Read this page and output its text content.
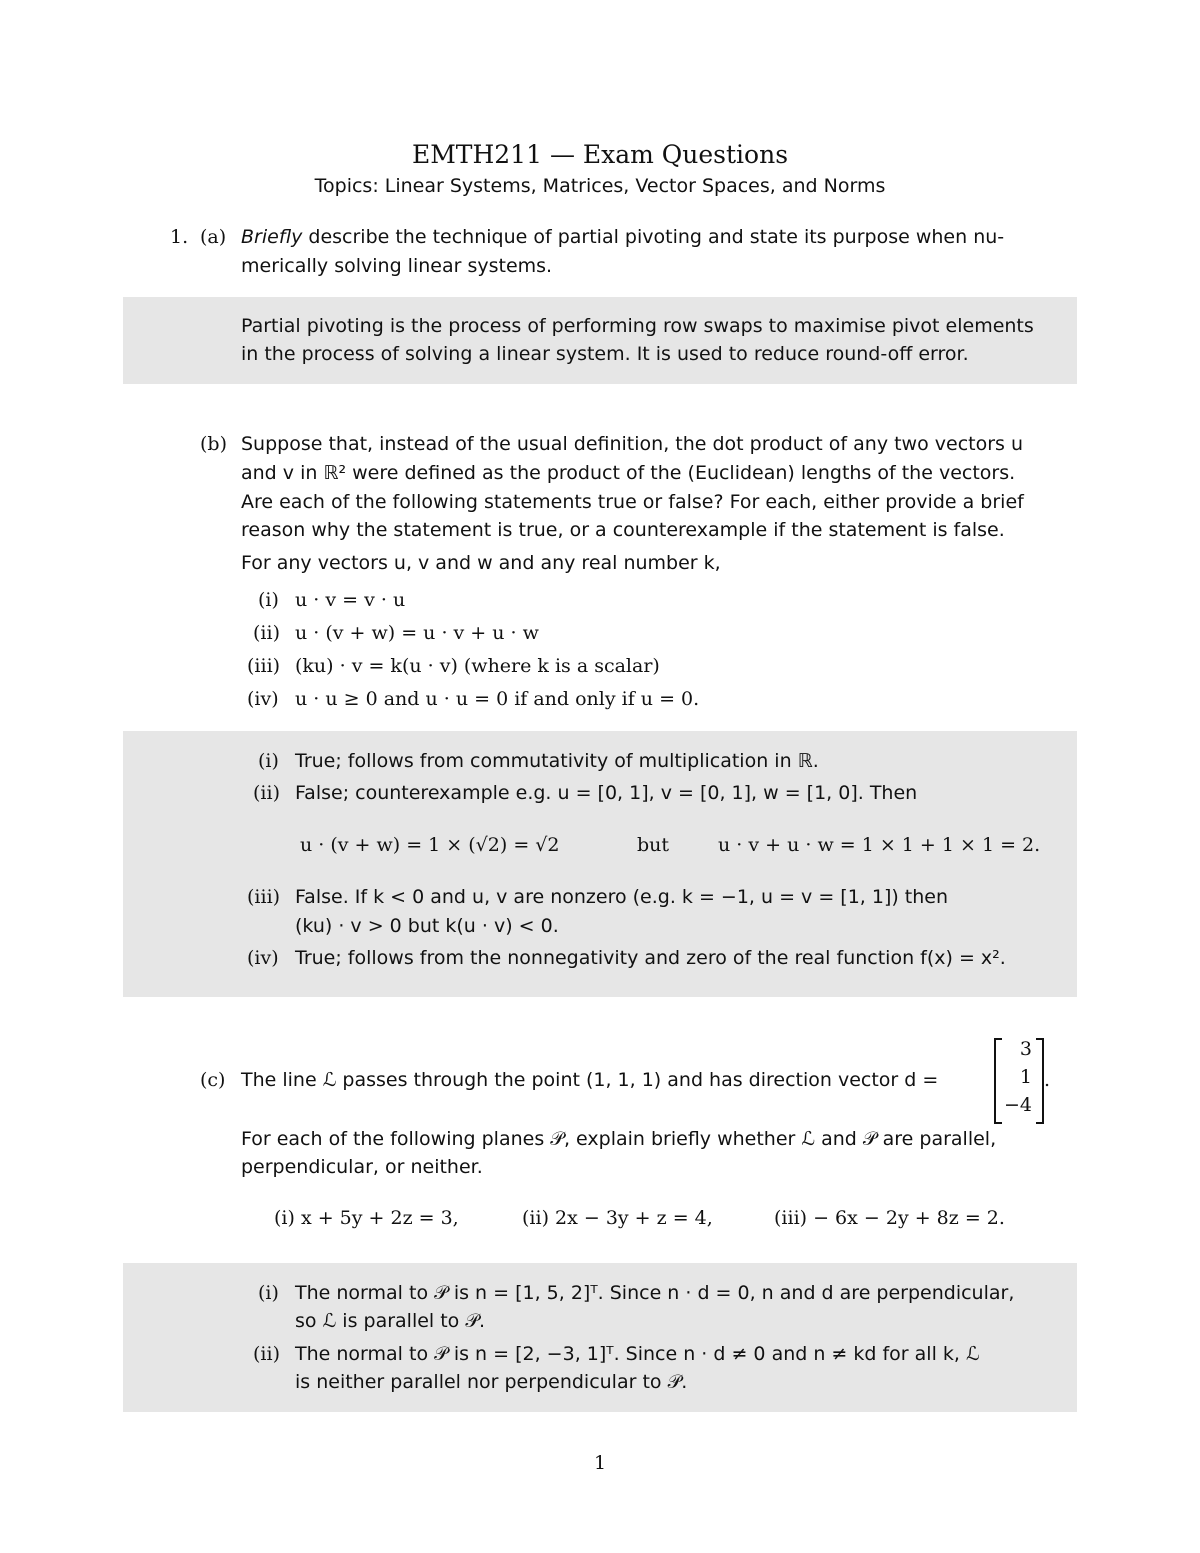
EMTH211 — Exam Questions
Topics: Linear Systems, Matrices, Vector Spaces, and Norms
1. (a) Briefly describe the technique of partial pivoting and state its purpose when nu-
merically solving linear systems.
Partial pivoting is the process of performing row swaps to maximise pivot elements
in the process of solving a linear system. It is used to reduce round-off error.
(b) Suppose that, instead of the usual definition, the dot product of any two vectors u
and v in ℝ² were defined as the product of the (Euclidean) lengths of the vectors.
Are each of the following statements true or false? For each, either provide a brief
reason why the statement is true, or a counterexample if the statement is false.
For any vectors u, v and w and any real number k,
(i) u · v = v · u
(ii) u · (v + w) = u · v + u · w
(iii) (ku) · v = k(u · v) (where k is a scalar)
(iv) u · u ≥ 0 and u · u = 0 if and only if u = 0.
(i) True; follows from commutativity of multiplication in ℝ.
(ii) False; counterexample e.g. u = [0, 1], v = [0, 1], w = [1, 0]. Then
u · (v + w) = 1 × (√2) = √2	but	u · v + u · w = 1 × 1 + 1 × 1 = 2.
(iii) False. If k < 0 and u, v are nonzero (e.g. k = −1, u = v = [1, 1]) then
(ku) · v > 0 but k(u · v) < 0.
(iv) True; follows from the nonnegativity and zero of the real function f(x) = x².
(c) The line ℒ passes through the point (1, 1, 1) and has direction vector d =
3
1
−4
.
For each of the following planes 𝒫, explain briefly whether ℒ and 𝒫 are parallel,
perpendicular, or neither.
(i) x + 5y + 2z = 3,	(ii) 2x − 3y + z = 4,	(iii) − 6x − 2y + 8z = 2.
(i) The normal to 𝒫 is n = [1, 5, 2]ᵀ. Since n · d = 0, n and d are perpendicular,
so ℒ is parallel to 𝒫.
(ii) The normal to 𝒫 is n = [2, −3, 1]ᵀ. Since n · d ≠ 0 and n ≠ kd for all k, ℒ
is neither parallel nor perpendicular to 𝒫.
1
